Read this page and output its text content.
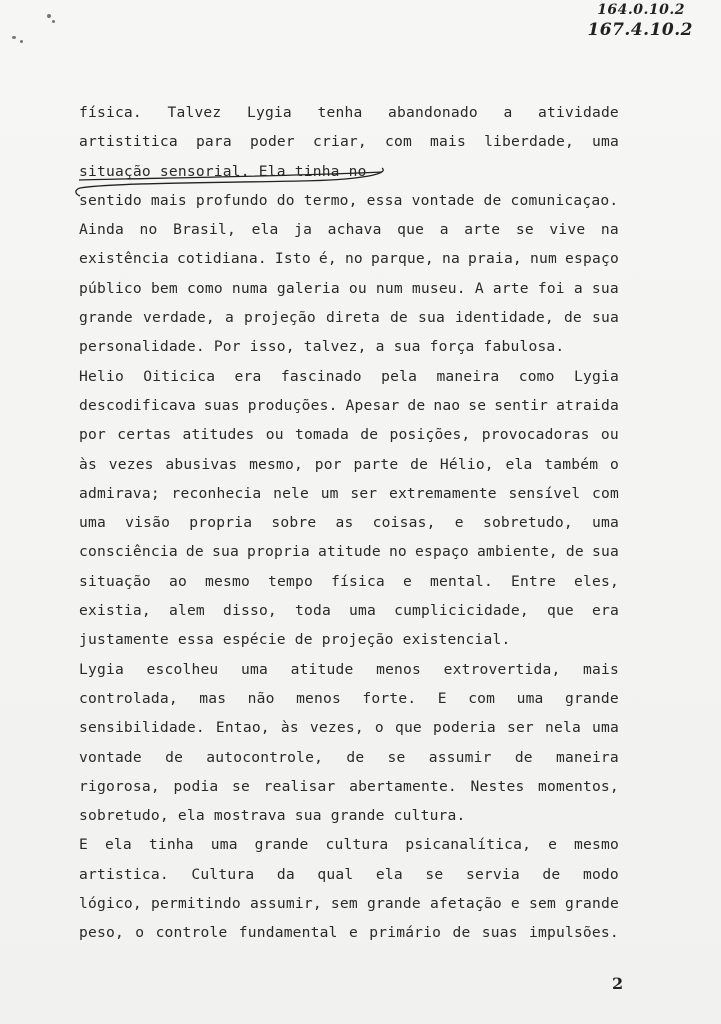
164.0.10.2
167.4.10.2
física. Talvez Lygia tenha abandonado a atividade
artistitica para poder criar, com mais liberdade, uma
situação sensorial. Ela tinha no
sentido mais profundo do termo, essa vontade de comunicaçao.
Ainda no Brasil, ela ja achava que a arte se vive na
existência cotidiana. Isto é, no parque, na praia, num espaço
público bem como numa galeria ou num museu. A arte foi a sua
grande verdade, a projeção direta de sua identidade, de sua
personalidade. Por isso, talvez, a sua força fabulosa.
Helio Oiticica era fascinado pela maneira como Lygia
descodificava suas produções. Apesar de nao se sentir atraida
por certas atitudes ou tomada de posições, provocadoras ou
às vezes abusivas mesmo, por parte de Hélio, ela também o
admirava; reconhecia nele um ser extremamente sensível com
uma visão propria sobre as coisas, e sobretudo, uma
consciência de sua propria atitude no espaço ambiente, de sua
situação ao mesmo tempo física e mental. Entre eles,
existia, alem disso, toda uma cumplicicidade, que era
justamente essa espécie de projeção existencial.
Lygia escolheu uma atitude menos extrovertida, mais
controlada, mas não menos forte. E com uma grande
sensibilidade. Entao, às vezes, o que poderia ser nela uma
vontade de autocontrole, de se assumir de maneira
rigorosa, podia se realisar abertamente. Nestes momentos,
sobretudo, ela mostrava sua grande cultura.
E ela tinha uma grande cultura psicanalítica, e mesmo
artistica. Cultura da qual ela se servia de modo
lógico, permitindo assumir, sem grande afetação e sem grande
peso, o controle fundamental e primário de suas impulsões.
2
